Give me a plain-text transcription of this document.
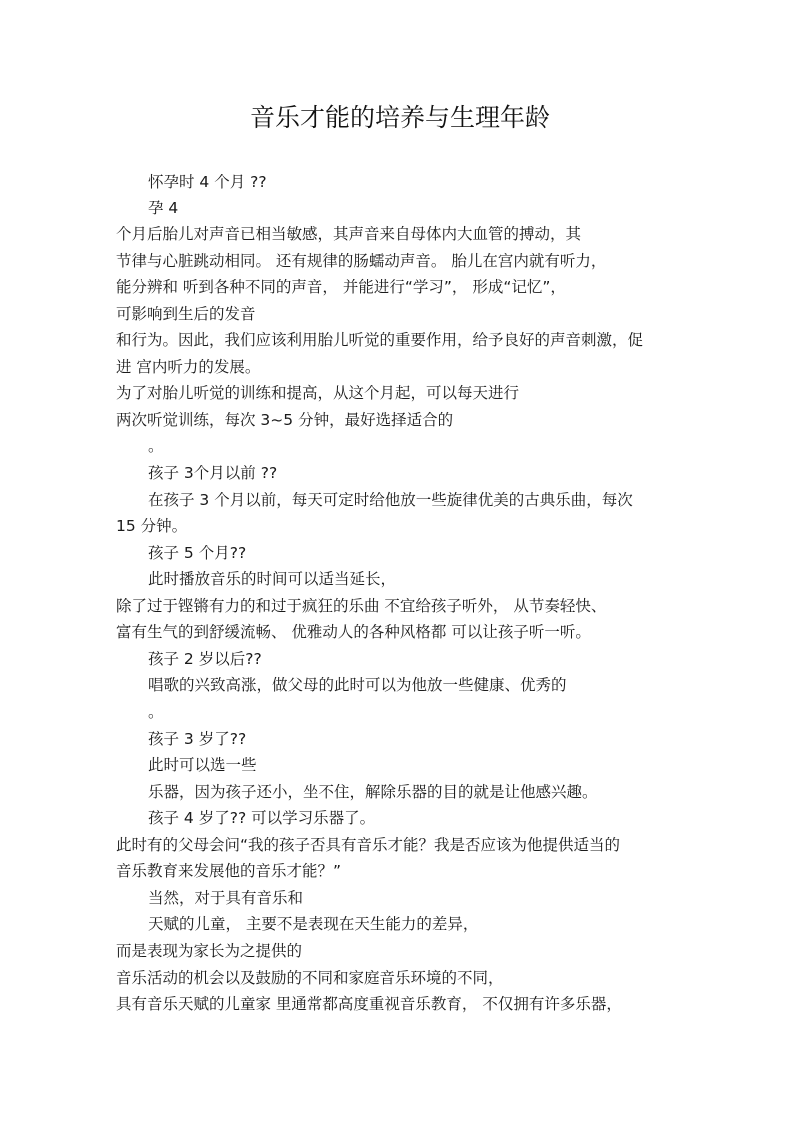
音乐才能的培养与生理年龄
怀孕时 4 个月 ??
孕 4
个月后胎儿对声音已相当敏感，其声音来自母体内大血管的搏动，其
节律与心脏跳动相同。 还有规律的肠蠕动声音。 胎儿在宫内就有听力，
能分辨和 听到各种不同的声音， 并能进行“学习”， 形成“记忆”，
可影响到生后的发音
和行为。因此，我们应该利用胎儿听觉的重要作用，给予良好的声音刺激，促
进 宫内听力的发展。
为了对胎儿听觉的训练和提高，从这个月起，可以每天进行
两次听觉训练，每次 3~5 分钟，最好选择适合的
。
孩子 3个月以前 ??
在孩子 3 个月以前，每天可定时给他放一些旋律优美的古典乐曲，每次
15 分钟。
孩子 5 个月??
此时播放音乐的时间可以适当延长，
除了过于铿锵有力的和过于疯狂的乐曲 不宜给孩子听外， 从节奏轻快、
富有生气的到舒缓流畅、 优雅动人的各种风格都 可以让孩子听一听。
孩子 2 岁以后??
唱歌的兴致高涨，做父母的此时可以为他放一些健康、优秀的
。
孩子 3 岁了??
此时可以选一些
乐器，因为孩子还小，坐不住，解除乐器的目的就是让他感兴趣。
孩子 4 岁了?? 可以学习乐器了。
此时有的父母会问“我的孩子否具有音乐才能？我是否应该为他提供适当的
音乐教育来发展他的音乐才能？”
当然，对于具有音乐和
天赋的儿童， 主要不是表现在天生能力的差异，
而是表现为家长为之提供的
音乐活动的机会以及鼓励的不同和家庭音乐环境的不同，
具有音乐天赋的儿童家 里通常都高度重视音乐教育， 不仅拥有许多乐器，
